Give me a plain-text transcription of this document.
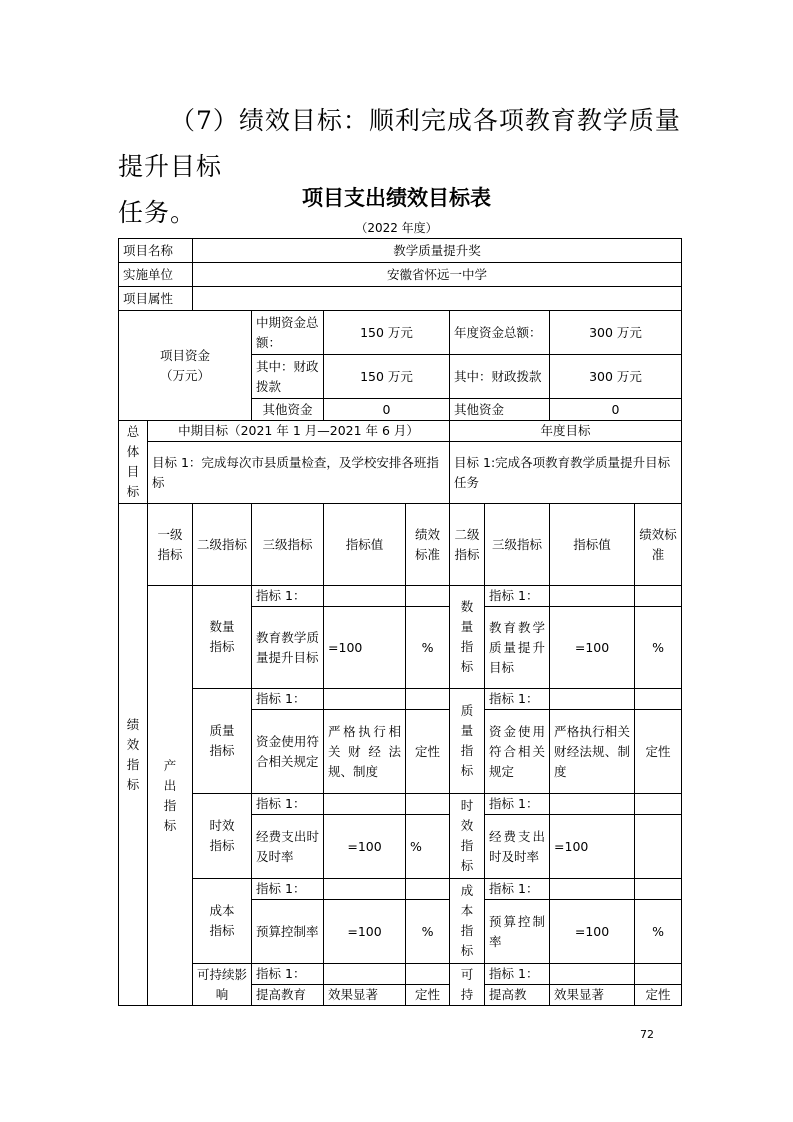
（7）绩效目标：顺利完成各项教育教学质量提升目标
任务。	项目支出绩效目标表
（2022 年度）
项目名称		教学质量提升奖							
实施单位		安徽省怀远一中学							
项目属性									
项目资金（万元）			中期资金总额：	150 万元		年度资金总额：		300 万元	
			其中：财政拨款	150 万元		其中：财政拨款		300 万元	
			其他资金	0		其他资金		0	
总体目标	中期目标（2021 年 1 月—2021 年 6 月）					年度目标			
	目标 1：完成每次市县质量检查，及学校安排各班指标					目标 1:完成各项教育教学质量提升目标任务			
绩效指标	一级指标	二级指标	三级指标	指标值	绩效标准	二级指标	三级指标	指标值	绩效标准
	产出指标	数量指标	指标 1：			数量指标	指标 1：		
			教育教学质量提升目标	=100	%		教育教学质量提升目标	=100	%
		质量指标	指标 1：			质量指标	指标 1：		
			资金使用符合相关规定	严格执行相关财经法规、制度	定性		资金使用符合相关规定	严格执行相关财经法规、制度	定性
		时效指标	指标 1：			时效指标	指标 1：		
			经费支出时及时率	=100	%		经费支出时及时率	=100	
		成本指标	指标 1：			成本指标	指标 1：		
			预算控制率	=100	%		预算控制率	=100	%
		可持续影响	指标 1：			可持	指标 1：		
			提高教育	效果显著	定性		提高教	效果显著	定性
72
